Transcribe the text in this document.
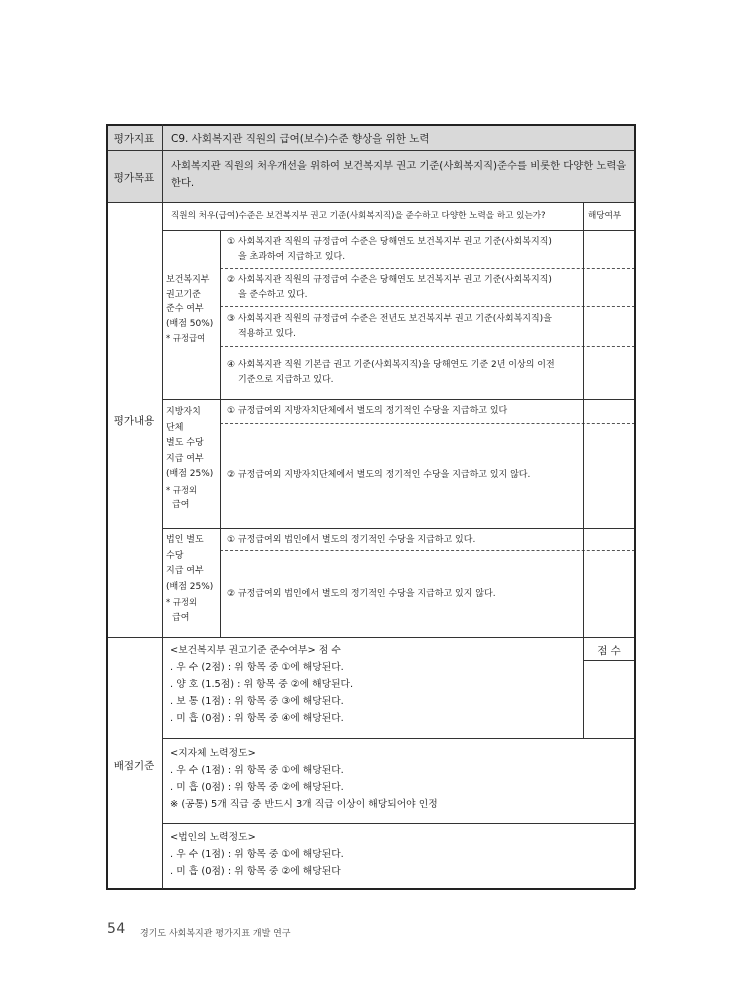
평가지표	C9. 사회복지관 직원의 급여(보수)수준 향상을 위한 노력
평가목표
사회복지관 직원의 처우개선을 위하여 보건복지부 권고 기준(사회복지직)준수를 비롯한 다양한 노력을 한다.
평가내용
직원의 처우(급여)수준은 보건복지부 권고 기준(사회복지직)을 준수하고 다양한 노력을 하고 있는가?	해당여부
보건복지부
권고기준
준수 여부
(배점 50%)
* 규정급여
① 사회복지관 직원의 규정급여 수준은 당해연도 보건복지부 권고 기준(사회복지직)
을 초과하여 지급하고 있다.
② 사회복지관 직원의 규정급여 수준은 당해연도 보건복지부 권고 기준(사회복지직)
을 준수하고 있다.
③ 사회복지관 직원의 규정급여 수준은 전년도 보건복지부 권고 기준(사회복지직)을
적용하고 있다.
④ 사회복지관 직원 기본급 권고 기준(사회복지직)을 당해연도 기준 2년 이상의 이전
기준으로 지급하고 있다.
지방자치
단체
별도 수당
지급 여부
(배점 25%)
* 규정외
급여
① 규정급여외 지방자치단체에서 별도의 정기적인 수당을 지급하고 있다
② 규정급여외 지방자치단체에서 별도의 정기적인 수당을 지급하고 있지 않다.
법인 별도
수당
지급 여부
(배점 25%)
* 규정외
급여
① 규정급여외 법인에서 별도의 정기적인 수당을 지급하고 있다.
② 규정급여외 법인에서 별도의 정기적인 수당을 지급하고 있지 않다.
배점기준
점 수
<보건복지부 권고기준 준수여부> 점 수
. 우 수 (2점) : 위 항목 중 ①에 해당된다.
. 양 호 (1.5점) : 위 항목 중 ②에 해당된다.
. 보 통 (1점) : 위 항목 중 ③에 해당된다.
. 미 흡 (0점) : 위 항목 중 ④에 해당된다.
<지자체 노력정도>
. 우 수 (1점) : 위 항목 중 ①에 해당된다.
. 미 흡 (0점) : 위 항목 중 ②에 해당된다.
※ (공통) 5개 직급 중 반드시 3개 직급 이상이 해당되어야 인정
<법인의 노력정도>
. 우 수 (1점) : 위 항목 중 ①에 해당된다.
. 미 흡 (0점) : 위 항목 중 ②에 해당된다
54 경기도 사회복지관 평가지표 개발 연구
